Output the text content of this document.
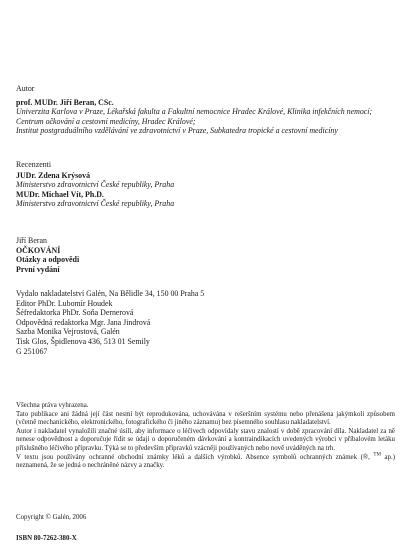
Autor
prof. MUDr. Jiří Beran, CSc.
Univerzita Karlova v Praze, Lékařská fakulta a Fakultní nemocnice Hradec Králové, Klinika infekčních nemocí;
Centrum očkování a cestovní medicíny, Hradec Králové;
Institut postgraduálního vzdělávání ve zdravotnictví v Praze, Subkatedra tropické a cestovní medicíny
Recenzenti
JUDr. Zdena Krýsová
Ministerstvo zdravotnictví České republiky, Praha
MUDr. Michael Vít, Ph.D.
Ministerstvo zdravotnictví České republiky, Praha
Jiří Beran
OČKOVÁNÍ
Otázky a odpovědi
První vydání
Vydalo nakladatelství Galén, Na Bělidle 34, 150 00 Praha 5
Editor PhDr. Lubomír Houdek
Šéfredaktorka PhDr. Soňa Dernerová
Odpovědná redaktorka Mgr. Jana Jindrová
Sazba Monika Vejrostová, Galén
Tisk Glos, Špidlenova 436, 513 01 Semily
G 251067
Všechna práva vyhrazena.
Tato publikace ani žádná její část nesmí být reprodukována, uchovávána v rešeršním systému nebo přenášena jakýmkoli způsobem (včetně mechanického, elektronického, fotografického či jiného záznamu) bez písemného souhlasu nakladatelství.
Autor i nakladatel vynaložili značné úsilí, aby informace o léčivech odpovídaly stavu znalostí v době zpracování díla. Nakladatel za ně nenese odpovědnost a doporučuje řídit se údaji o doporučeném dávkování a kontraindikacích uvedených výrobci v příbalovém letáku příslušného léčivého přípravku. Týká se to především přípravků vzácněji používaných nebo nově uváděných na trh.
V textu jsou používány ochranné obchodní známky léků a dalších výrobků. Absence symbolů ochranných známek (®, ™ ap.) neznamená, že se jedná o nechráněné názvy a značky.
Copyright © Galén, 2006
ISBN 80-7262-380-X
